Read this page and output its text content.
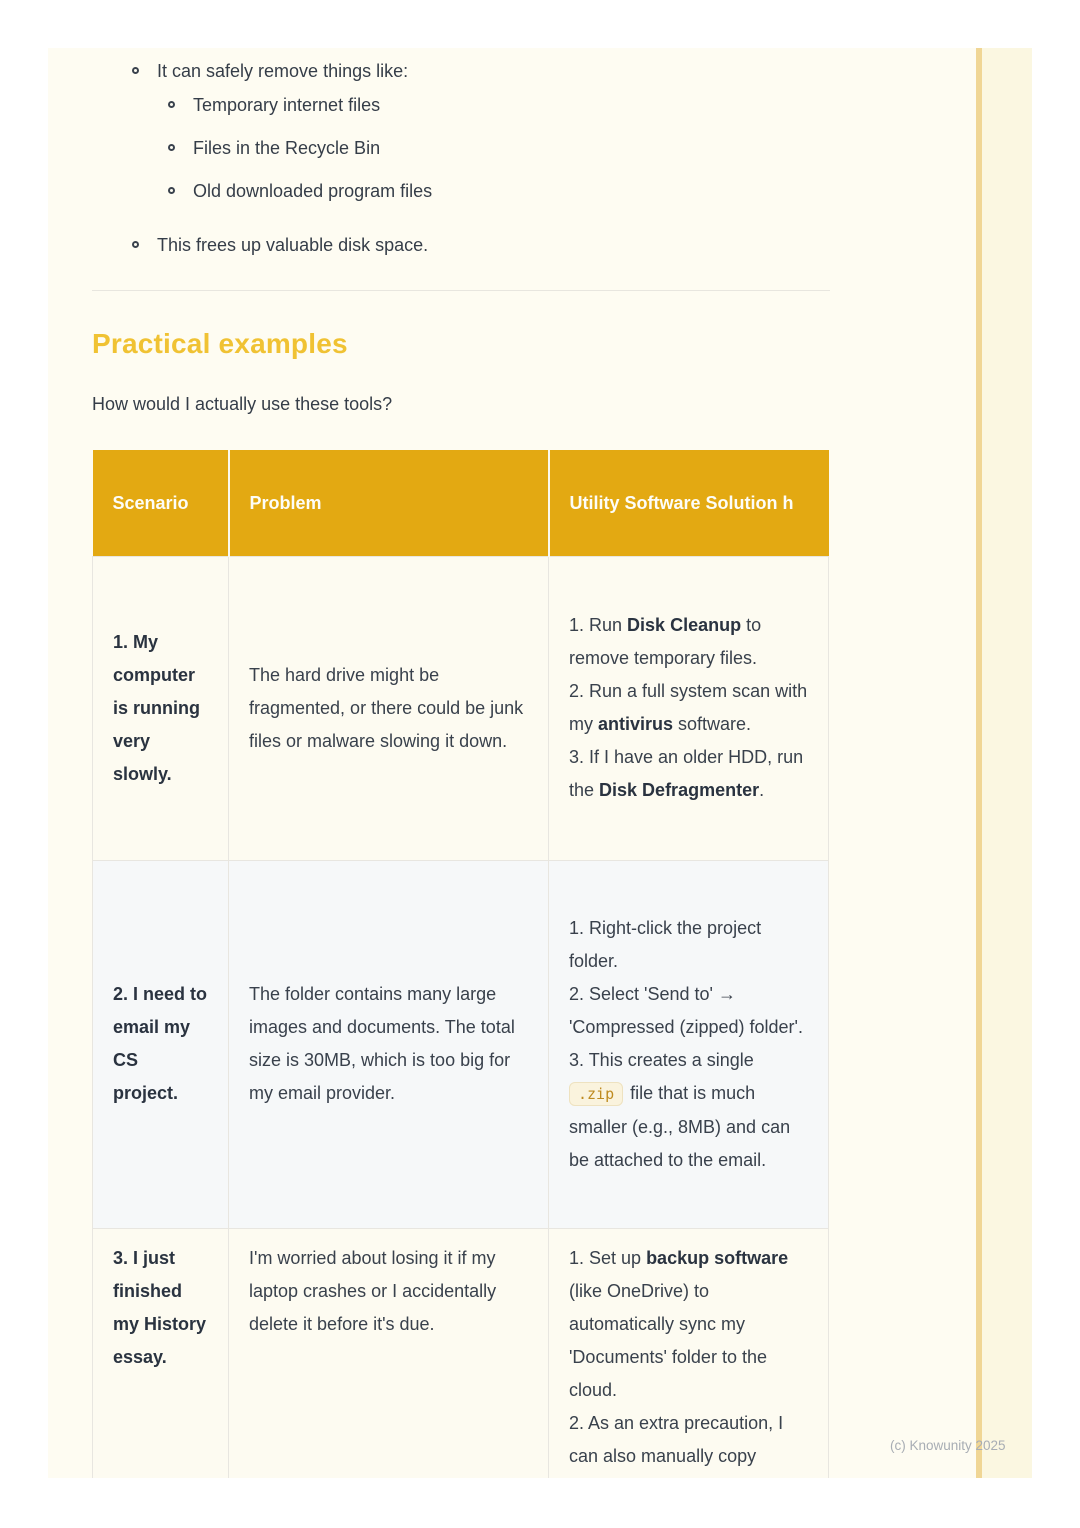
It can safely remove things like:
Temporary internet files
Files in the Recycle Bin
Old downloaded program files
This frees up valuable disk space.
Practical examples

How would I actually use these tools?

Scenario	Problem	Utility Software Solution h
1. My computer is running very slowly.	The hard drive might be fragmented, or there could be junk files or malware slowing it down.	1. Run Disk Cleanup to remove temporary files.
2. Run a full system scan with my antivirus software.
3. If I have an older HDD, run the Disk Defragmenter.

2. I need to email my CS project.	The folder contains many large images and documents. The total size is 30MB, which is too big for my email provider.	1. Right-click the project folder.
2. Select 'Send to' → 'Compressed (zipped) folder'.
3. This creates a single .zip file that is much smaller (e.g., 8MB) and can be attached to the email.

3. I just finished my History essay.	I'm worried about losing it if my laptop crashes or I accidentally delete it before it's due.	1. Set up backup software (like OneDrive) to automatically sync my 'Documents' folder to the cloud.
2. As an extra precaution, I can also manually copy	(c) Knowunity 2025
